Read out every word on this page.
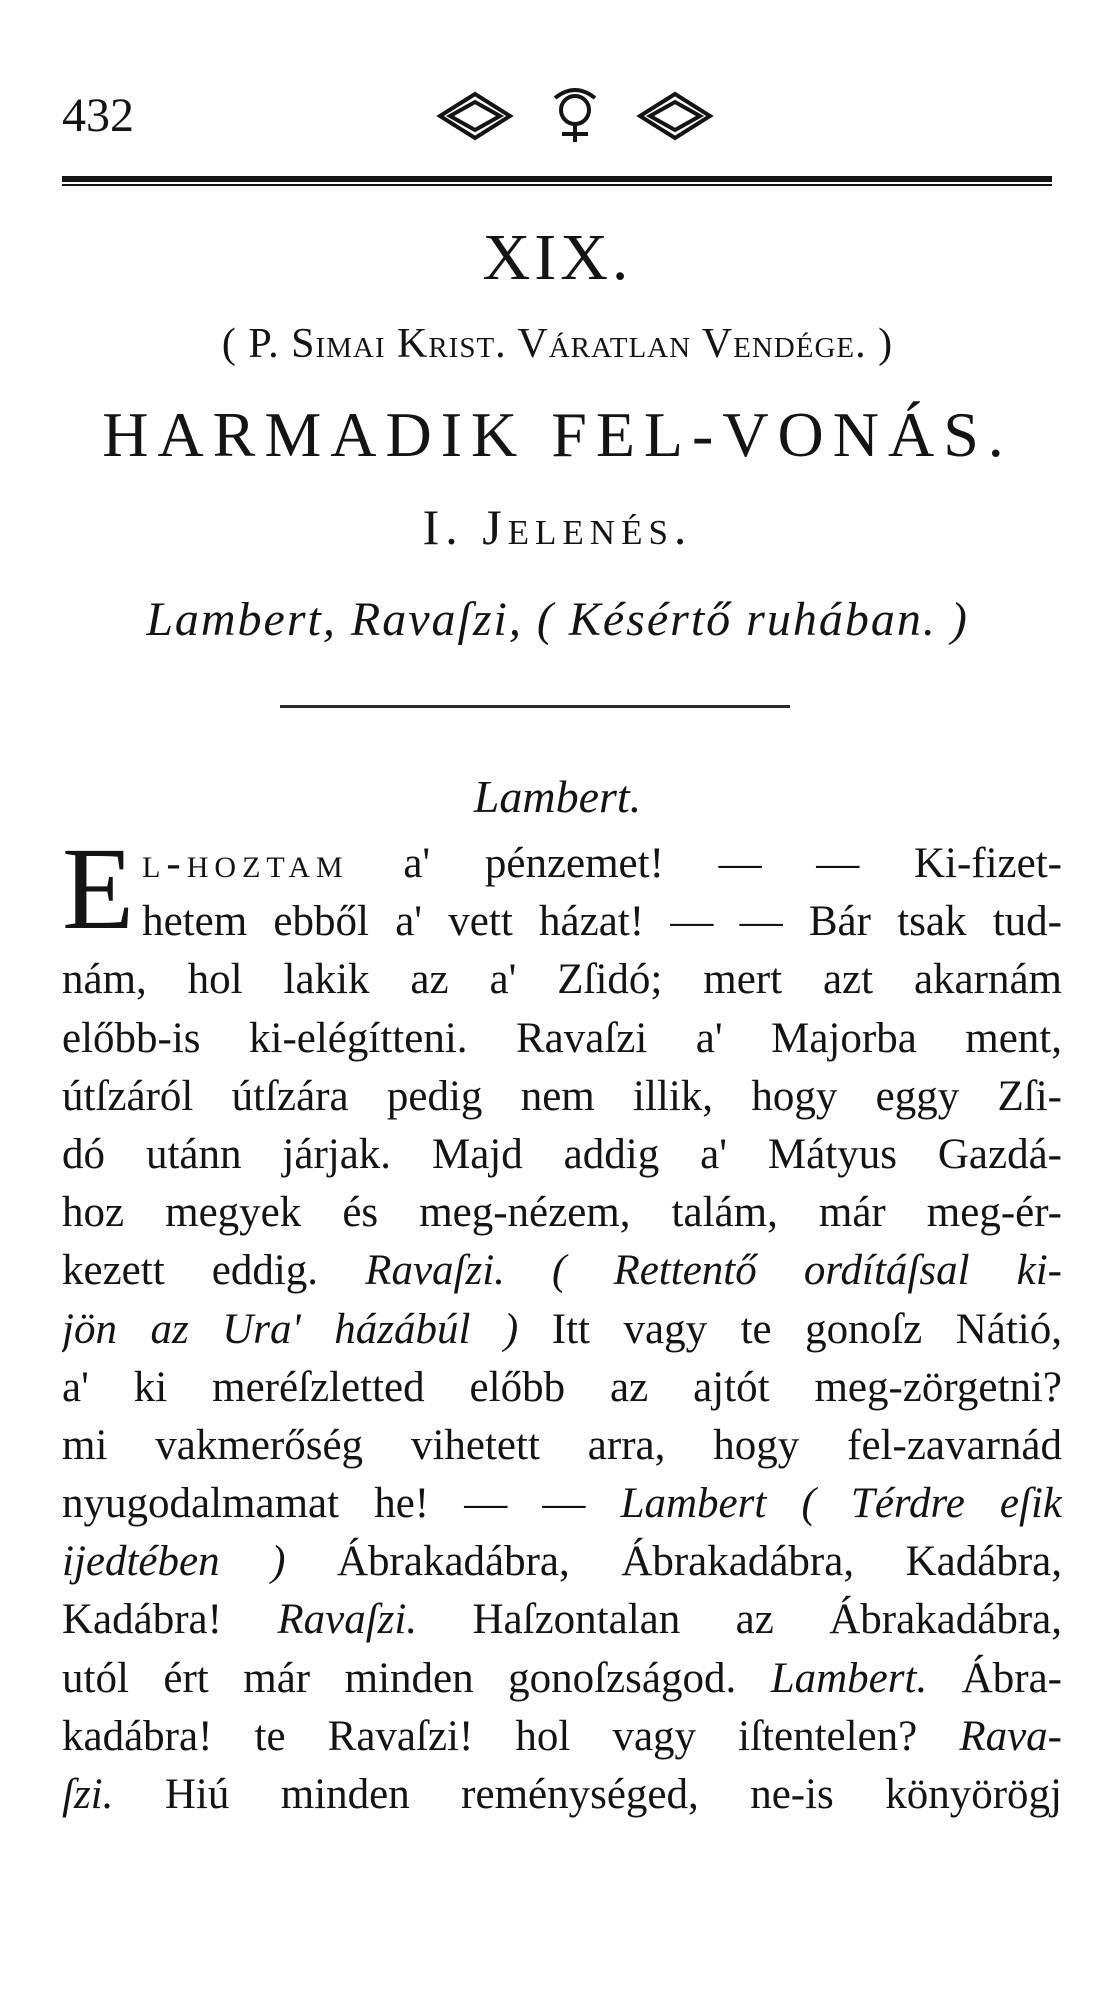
432
XIX.
( P. Simai Krist. Váratlan Vendége. )
HARMADIK FEL-VONÁS.
I. Jelenés.
Lambert, Ravaſzi, ( Késértő ruhában. )
Lambert.
E l-hoztam a' pénzemet! — — Ki-fizet-
hetem ebből a' vett házat! — — Bár tsak tud-
nám, hol lakik az a' Zſidó; mert azt akarnám
előbb-is ki-elégítteni. Ravaſzi a' Majorba ment,
útſzáról útſzára pedig nem illik, hogy eggy Zſi-
dó utánn járjak. Majd addig a' Mátyus Gazdá-
hoz megyek és meg-nézem, talám, már meg-ér-
kezett eddig. Ravaſzi. ( Rettentő ordítáſsal ki-
jön az Ura' házábúl ) Itt vagy te gonoſz Nátió,
a' ki meréſzletted előbb az ajtót meg-zörgetni?
mi vakmerőség vihetett arra, hogy fel-zavarnád
nyugodalmamat he! — — Lambert ( Térdre eſik
ijedtében ) Ábrakadábra, Ábrakadábra, Kadábra,
Kadábra! Ravaſzi. Haſzontalan az Ábrakadábra,
utól ért már minden gonoſzságod. Lambert. Ábra-
kadábra! te Ravaſzi! hol vagy iſtentelen? Rava-
ſzi. Hiú minden reménységed, ne-is könyörögj
